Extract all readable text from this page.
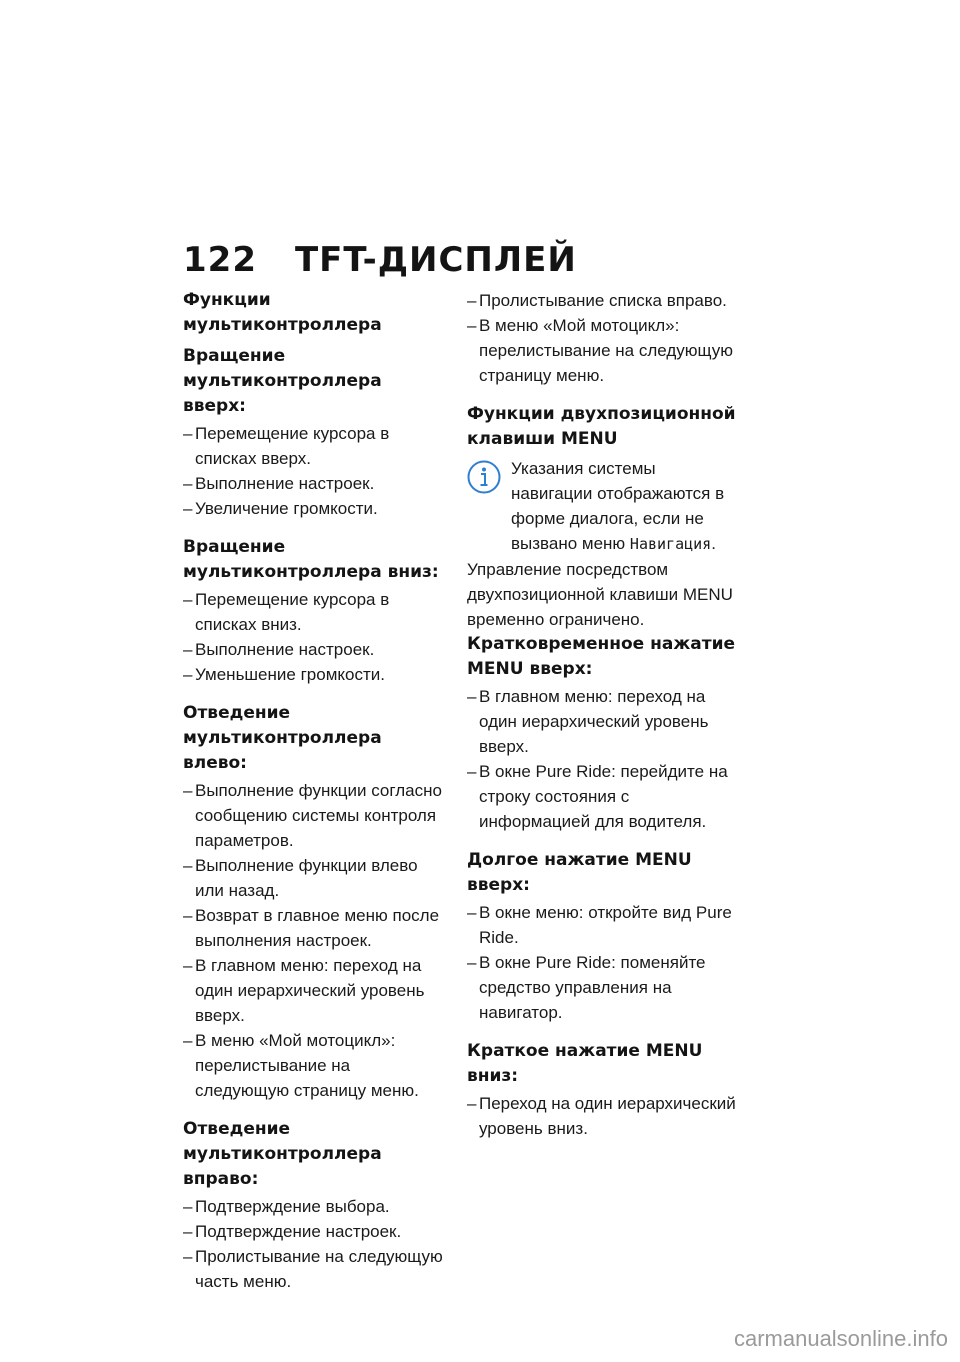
122 TFT-ДИСПЛЕЙ
Функции
мультиконтроллера
Вращение
мультиконтроллера вверх:
– Перемещение курсора в списках вверх.
– Выполнение настроек.
– Увеличение громкости.
Вращение
мультиконтроллера вниз:
– Перемещение курсора в списках вниз.
– Выполнение настроек.
– Уменьшение громкости.
Отведение
мультиконтроллера влево:
– Выполнение функции согласно сообщению системы контроля параметров.
– Выполнение функции влево или назад.
– Возврат в главное меню после выполнения настроек.
– В главном меню: переход на один иерархический уровень вверх.
– В меню «Мой мотоцикл»: перелистывание на следующую страницу меню.
Отведение
мультиконтроллера вправо:
– Подтверждение выбора.
– Подтверждение настроек.
– Пролистывание на следующую часть меню.
– Пролистывание списка вправо.
– В меню «Мой мотоцикл»: перелистывание на следующую страницу меню.
Функции двухпозиционной
клавиши MENU

Указания системы навигации отображаются в форме диалога, если не вызвано меню Навигация.

Управление посредством двухпозиционной клавиши MENU временно ограничено.

Кратковременное нажатие
MENU вверх:
– В главном меню: переход на один иерархический уровень вверх.
– В окне Pure Ride: перейдите на строку состояния с информацией для водителя.
Долгое нажатие MENU
вверх:
– В окне меню: откройте вид Pure Ride.
– В окне Pure Ride: поменяйте средство управления на навигатор.
Краткое нажатие MENU
вниз:
– Переход на один иерархический уровень вниз.
carmanualsonline.info
